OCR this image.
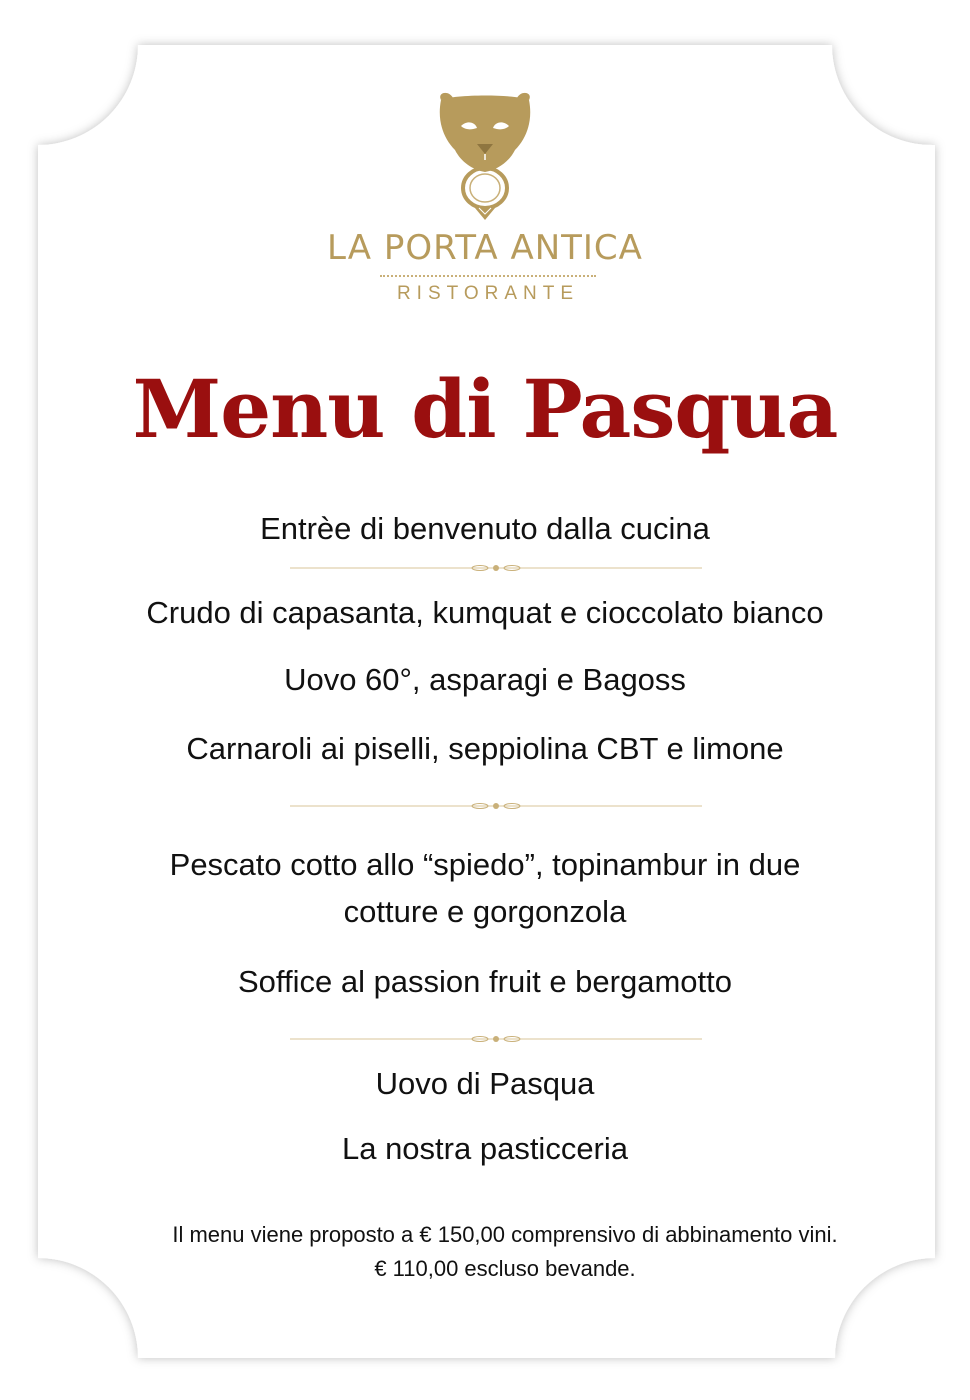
LA PORTA ANTICA
RISTORANTE
Menu di Pasqua
Entrèe di benvenuto dalla cucina
Crudo di capasanta, kumquat e cioccolato bianco
Uovo 60°, asparagi e Bagoss
Carnaroli ai piselli, seppiolina CBT e limone
Pescato cotto allo “spiedo”, topinambur in due
cotture e gorgonzola
Soffice al passion fruit e bergamotto
Uovo di Pasqua
La nostra pasticceria
Il menu viene proposto a € 150,00 comprensivo di abbinamento vini.
€ 110,00 escluso bevande.
